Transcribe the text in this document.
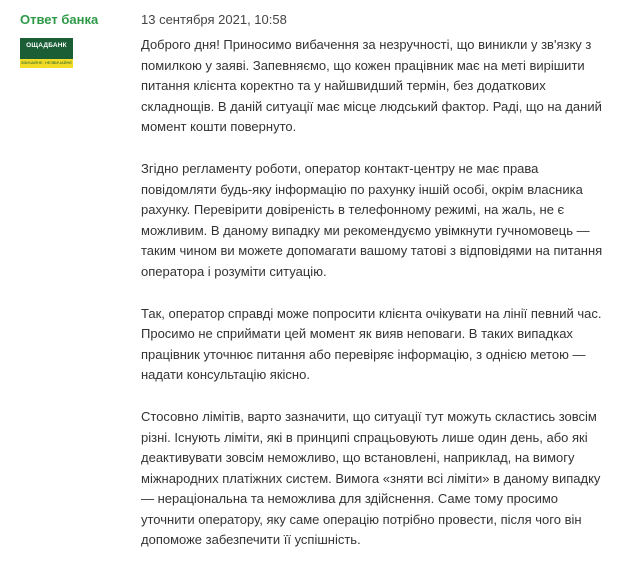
Ответ банка
ОЩАДБАНК
ЗВИЧАЙНЕ, НЕЗВИЧАЙНЕ
13 сентября 2021, 10:58

Доброго дня! Приносимо вибачення за незручності, що виникли у зв'язку з помилкою у заяві. Запевняємо, що кожен працівник має на меті вирішити питання клієнта коректно та у найшвидший термін, без додаткових складнощів. В даній ситуації має місце людський фактор. Раді, що на даний момент кошти повернуто.

Згідно регламенту роботи, оператор контакт-центру не має права повідомляти будь-яку інформацію по рахунку іншій особі, окрім власника рахунку. Перевірити довіреність в телефонному режимі, на жаль, не є можливим. В даному випадку ми рекомендуємо увімкнути гучномовець — таким чином ви можете допомагати вашому татові з відповідями на питання оператора і розуміти ситуацію.

Так, оператор справді може попросити клієнта очікувати на лінії певний час. Просимо не сприймати цей момент як вияв неповаги. В таких випадках працівник уточнює питання або перевіряє інформацію, з однією метою — надати консультацію якісно.

Стосовно лімітів, варто зазначити, що ситуації тут можуть скластись зовсім різні. Існують ліміти, які в принципі спрацьовують лише один день, або які деактивувати зовсім неможливо, що встановлені, наприклад, на вимогу міжнародних платіжних систем. Вимога «зняти всі ліміти» в даному випадку — нераціональна та неможлива для здійснення. Саме тому просимо уточнити оператору, яку саме операцію потрібно провести, після чого він допоможе забезпечити її успішність.
